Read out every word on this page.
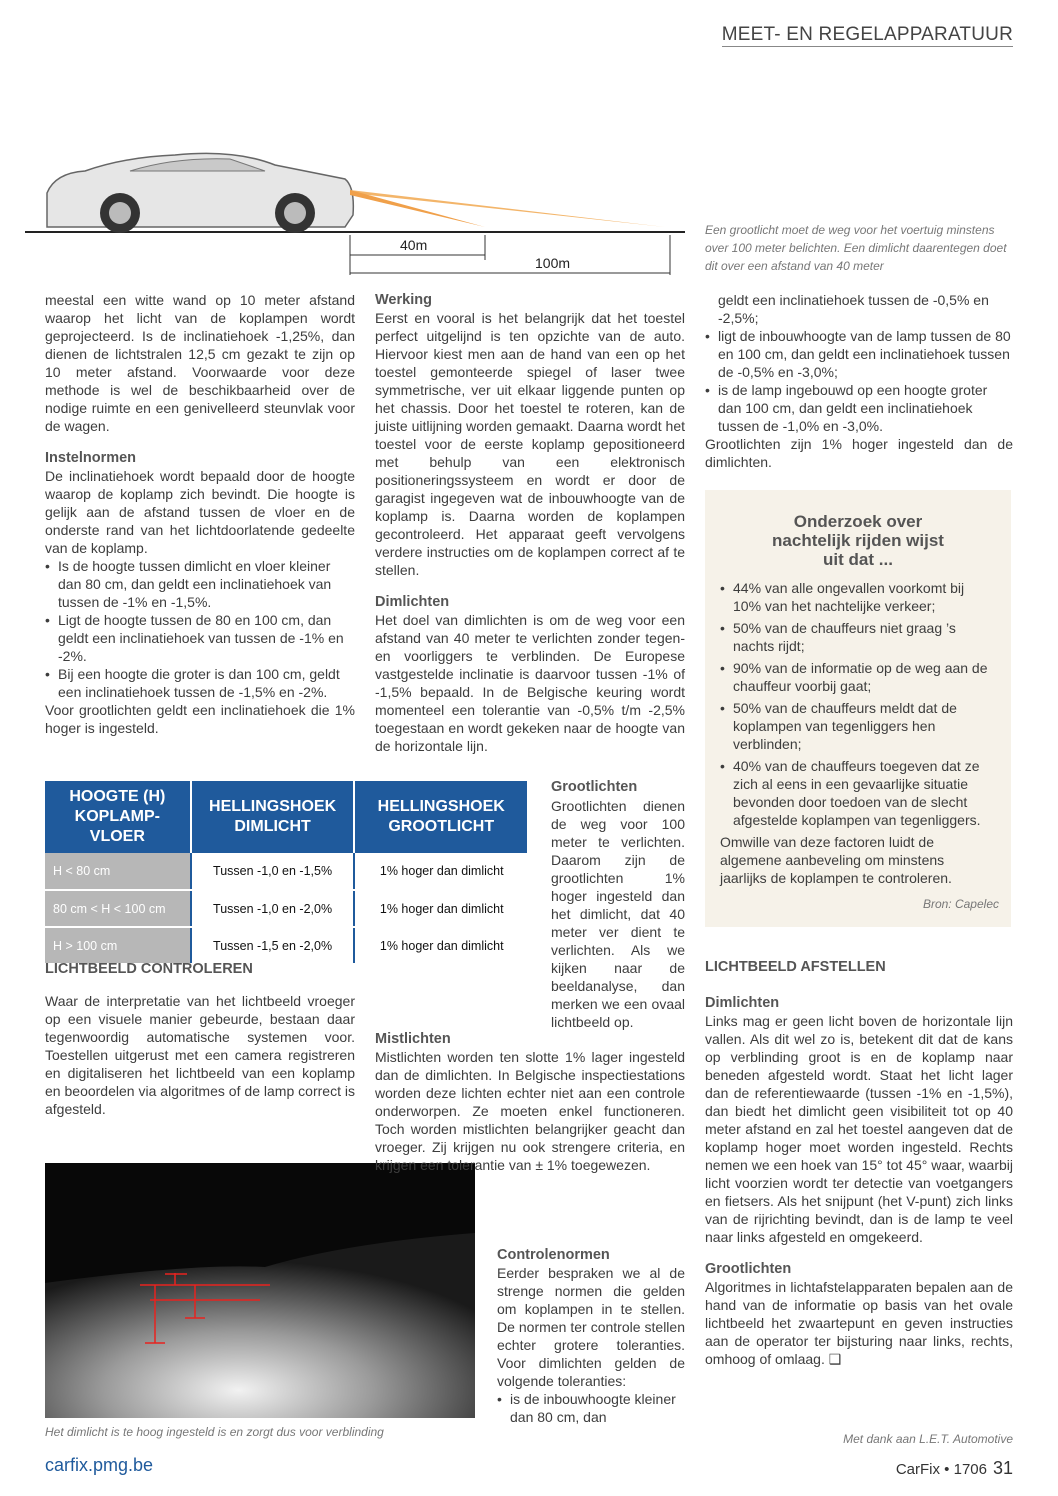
MEET- EN REGELAPPARATUUR
40m
100m
Een grootlicht moet de weg voor het voertuig minstens over 100 meter belichten. Een dimlicht daarentegen doet dit over een afstand van 40 meter

meestal een witte wand op 10 meter afstand waarop het licht van de koplampen wordt geprojecteerd. Is de inclinatiehoek -1,25%, dan dienen de lichtstralen 12,5 cm gezakt te zijn op 10 meter afstand. Voorwaarde voor deze methode is wel de beschikbaarheid over de nodige ruimte en een genivelleerd steunvlak voor de wagen.

Instelnormen

De inclinatiehoek wordt bepaald door de hoogte waarop de koplamp zich bevindt. Die hoogte is gelijk aan de afstand tussen de vloer en de onderste rand van het lichtdoorlatende gedeelte van de koplamp.

• Is de hoogte tussen dimlicht en vloer kleiner dan 80 cm, dan geldt een inclinatiehoek van tussen de -1% en -1,5%.
• Ligt de hoogte tussen de 80 en 100 cm, dan geldt een inclinatiehoek van tussen de -1% en -2%.
• Bij een hoogte die groter is dan 100 cm, geldt een inclinatiehoek tussen de -1,5% en -2%.

Voor grootlichten geldt een inclinatiehoek die 1% hoger is ingesteld.

HOOGTE (H) KOPLAMP-VLOER	HELLINGSHOEK DIMLICHT	HELLINGSHOEK GROOTLICHT
H < 80 cm	Tussen -1,0 en -1,5%	1% hoger dan dimlicht
80 cm < H < 100 cm	Tussen -1,0 en -2,0%	1% hoger dan dimlicht
H > 100 cm	Tussen -1,5 en -2,0%	1% hoger dan dimlicht
LICHTBEELD CONTROLEREN

Waar de interpretatie van het lichtbeeld vroeger op een visuele manier gebeurde, bestaan daar tegenwoordig automatische systemen voor. Toestellen uitgerust met een camera registreren en digitaliseren het lichtbeeld van een koplamp en beoordelen via algoritmes of de lamp correct is afgesteld.

Het dimlicht is te hoog ingesteld is en zorgt dus voor verblinding
Werking

Eerst en vooral is het belangrijk dat het toestel perfect uitgelijnd is ten opzichte van de auto. Hiervoor kiest men aan de hand van een op het toestel gemonteerde spiegel of laser twee symmetrische, ver uit elkaar liggende punten op het chassis. Door het toestel te roteren, kan de juiste uitlijning worden gemaakt. Daarna wordt het toestel voor de eerste koplamp gepositioneerd met behulp van een elektronisch positioneringssysteem en wordt er door de garagist ingegeven wat de inbouwhoogte van de koplamp is. Daarna worden de koplampen gecontroleerd. Het apparaat geeft vervolgens verdere instructies om de koplampen correct af te stellen.

Dimlichten

Het doel van dimlichten is om de weg voor een afstand van 40 meter te verlichten zonder tegen- en voorliggers te verblinden. De Europese vastgestelde inclinatie is daarvoor tussen -1% of -1,5% bepaald. In de Belgische keuring wordt momenteel een tolerantie van -0,5% t/m -2,5% toegestaan en wordt gekeken naar de hoogte van de horizontale lijn.

Grootlichten

Grootlichten dienen de weg voor 100 meter te verlichten. Daarom zijn de grootlichten 1% hoger ingesteld dan het dimlicht, dat 40 meter ver dient te verlichten. Als we kijken naar de beeldanalyse, dan merken we een ovaal lichtbeeld op.

Mistlichten

Mistlichten worden ten slotte 1% lager ingesteld dan de dimlichten. In Belgische inspectiestations worden deze lichten echter niet aan een controle onderworpen. Ze moeten enkel functioneren. Toch worden mistlichten belangrijker geacht dan vroeger. Zij krijgen nu ook strengere criteria, en krijgen een tolerantie van ± 1% toegewezen.

Controlenormen

Eerder bespraken we al de strenge normen die gelden om koplampen in te stellen. De normen ter controle stellen echter grotere toleranties. Voor dimlichten gelden de volgende toleranties:

• is de inbouwhoogte kleiner dan 80 cm, dan

geldt een inclinatiehoek tussen de -0,5% en -2,5%;

• ligt de inbouwhoogte van de lamp tussen de 80 en 100 cm, dan geldt een inclinatiehoek tussen de -0,5% en -3,0%;
• is de lamp ingebouwd op een hoogte groter dan 100 cm, dan geldt een inclinatiehoek tussen de -1,0% en -3,0%.

Grootlichten zijn 1% hoger ingesteld dan de dimlichten.

Onderzoek over nachtelijk rijden wijst uit dat ...
• 44% van alle ongevallen voorkomt bij 10% van het nachtelijke verkeer;
• 50% van de chauffeurs niet graag ’s nachts rijdt;
• 90% van de informatie op de weg aan de chauffeur voorbij gaat;
• 50% van de chauffeurs meldt dat de koplampen van tegenliggers hen verblinden;
• 40% van de chauffeurs toegeven dat ze zich al eens in een gevaarlijke situatie bevonden door toedoen van de slecht afgestelde koplampen van tegenliggers.

Omwille van deze factoren luidt de algemene aanbeveling om minstens jaarlijks de koplampen te controleren.

Bron: Capelec

LICHTBEELD AFSTELLEN
Dimlichten

Links mag er geen licht boven de horizontale lijn vallen. Als dit wel zo is, betekent dit dat de kans op verblinding groot is en de koplamp naar beneden afgesteld wordt. Staat het licht lager dan de referentiewaarde (tussen -1% en -1,5%), dan biedt het dimlicht geen visibiliteit tot op 40 meter afstand en zal het toestel aangeven dat de koplamp hoger moet worden ingesteld. Rechts nemen we een hoek van 15° tot 45° waar, waarbij licht voorzien wordt ter detectie van voetgangers en fietsers. Als het snijpunt (het V-punt) zich links van de rijrichting bevindt, dan is de lamp te veel naar links afgesteld en omgekeerd.

Grootlichten

Algoritmes in lichtafstelapparaten bepalen aan de hand van de informatie op basis van het ovale lichtbeeld het zwaartepunt en geven instructies aan de operator ter bijsturing naar links, rechts, omhoog of omlaag. ❑

Met dank aan L.E.T. Automotive
carfix.pmg.be	CarFix • 1706 31
